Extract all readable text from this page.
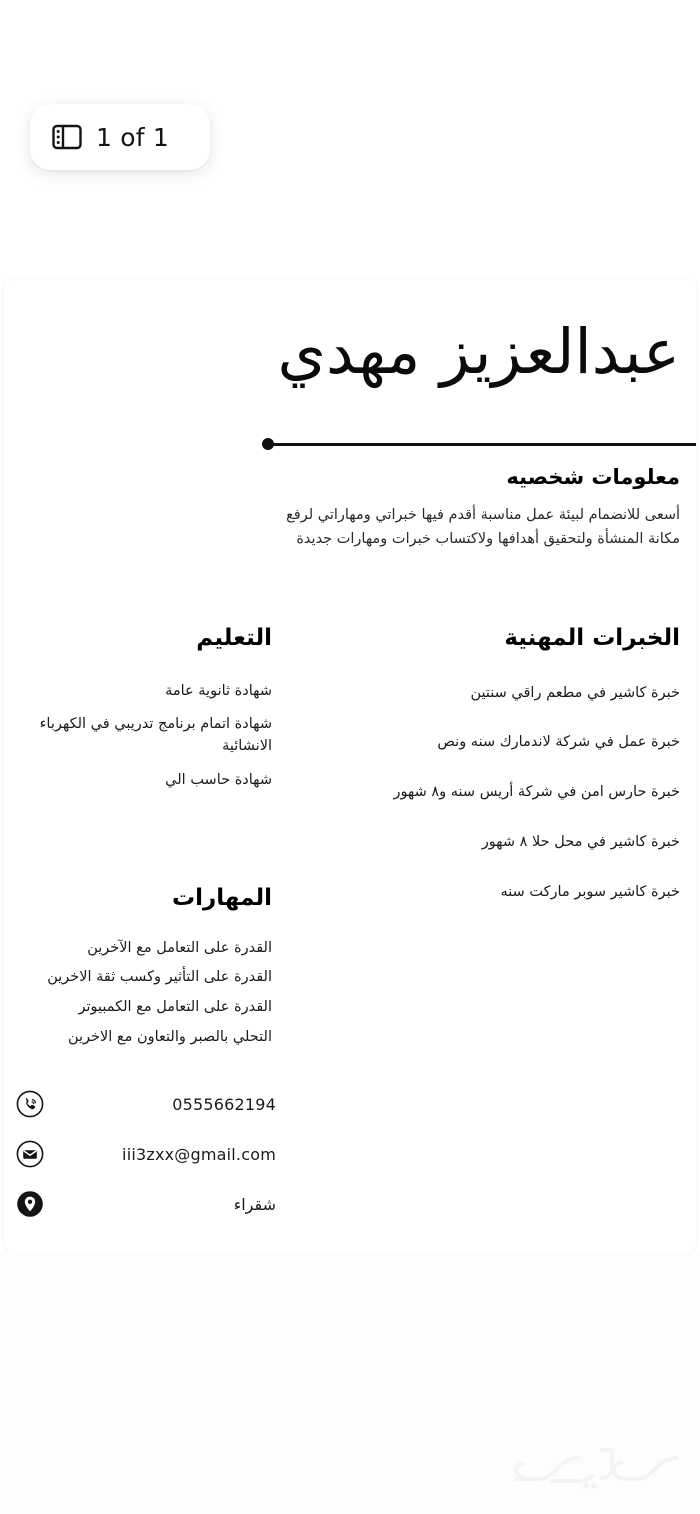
1 of 1
عبدالعزيز مهدي
معلومات شخصيه

أسعى للانضمام لبيئة عمل مناسبة أقدم فيها خبراتي ومهاراتي لرفع مكانة المنشأة ولتحقيق أهدافها ولاكتساب خبرات ومهارات جديدة

الخبرات المهنية
خبرة كاشير في مطعم راقي سنتين
خبرة عمل في شركة لاندمارك سنه ونص
خبرة حارس امن في شركة أريس سنه و٨ شهور
خبرة كاشير في محل حلا ٨ شهور
خبرة كاشير سوبر ماركت سنه
التعليم
شهادة ثانوية عامة
شهادة اتمام برنامج تدريبي في الكهرباء الانشائية
شهادة حاسب الي
المهارات
القدرة على التعامل مع الآخرين
القدرة على التأثير وكسب ثقة الاخرين
القدرة على التعامل مع الكمبيوتر
التحلي بالصبر والتعاون مع الاخرين
0555662194
iii3zxx@gmail.com
شقراء
